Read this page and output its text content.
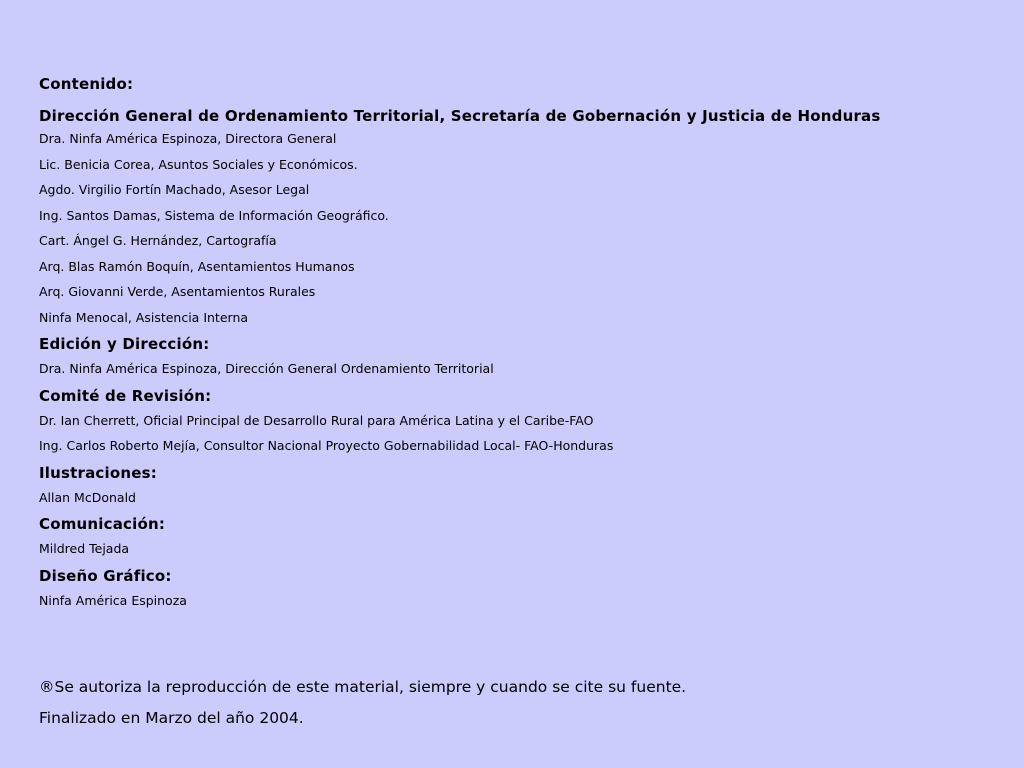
Contenido:
Dirección General de Ordenamiento Territorial, Secretaría de Gobernación y Justicia de Honduras
Dra. Ninfa América Espinoza, Directora General
Lic. Benicia Corea, Asuntos Sociales y Económicos.
Agdo. Virgilio Fortín Machado, Asesor Legal
Ing. Santos Damas, Sistema de Información Geográfico.
Cart. Ángel G. Hernández, Cartografía
Arq. Blas Ramón Boquín, Asentamientos Humanos
Arq. Giovanni Verde, Asentamientos Rurales
Ninfa Menocal, Asistencia Interna
Edición y Dirección:
Dra. Ninfa América Espinoza, Dirección General Ordenamiento Territorial
Comité de Revisión:
Dr. Ian Cherrett, Oficial Principal de Desarrollo Rural para América Latina y el Caribe-FAO
Ing. Carlos Roberto Mejía, Consultor Nacional Proyecto Gobernabilidad Local- FAO-Honduras
Ilustraciones:
Allan McDonald
Comunicación:
Mildred Tejada
Diseño Gráfico:
Ninfa América Espinoza
®Se autoriza la reproducción de este material, siempre y cuando se cite su fuente.
Finalizado en Marzo del año 2004.
